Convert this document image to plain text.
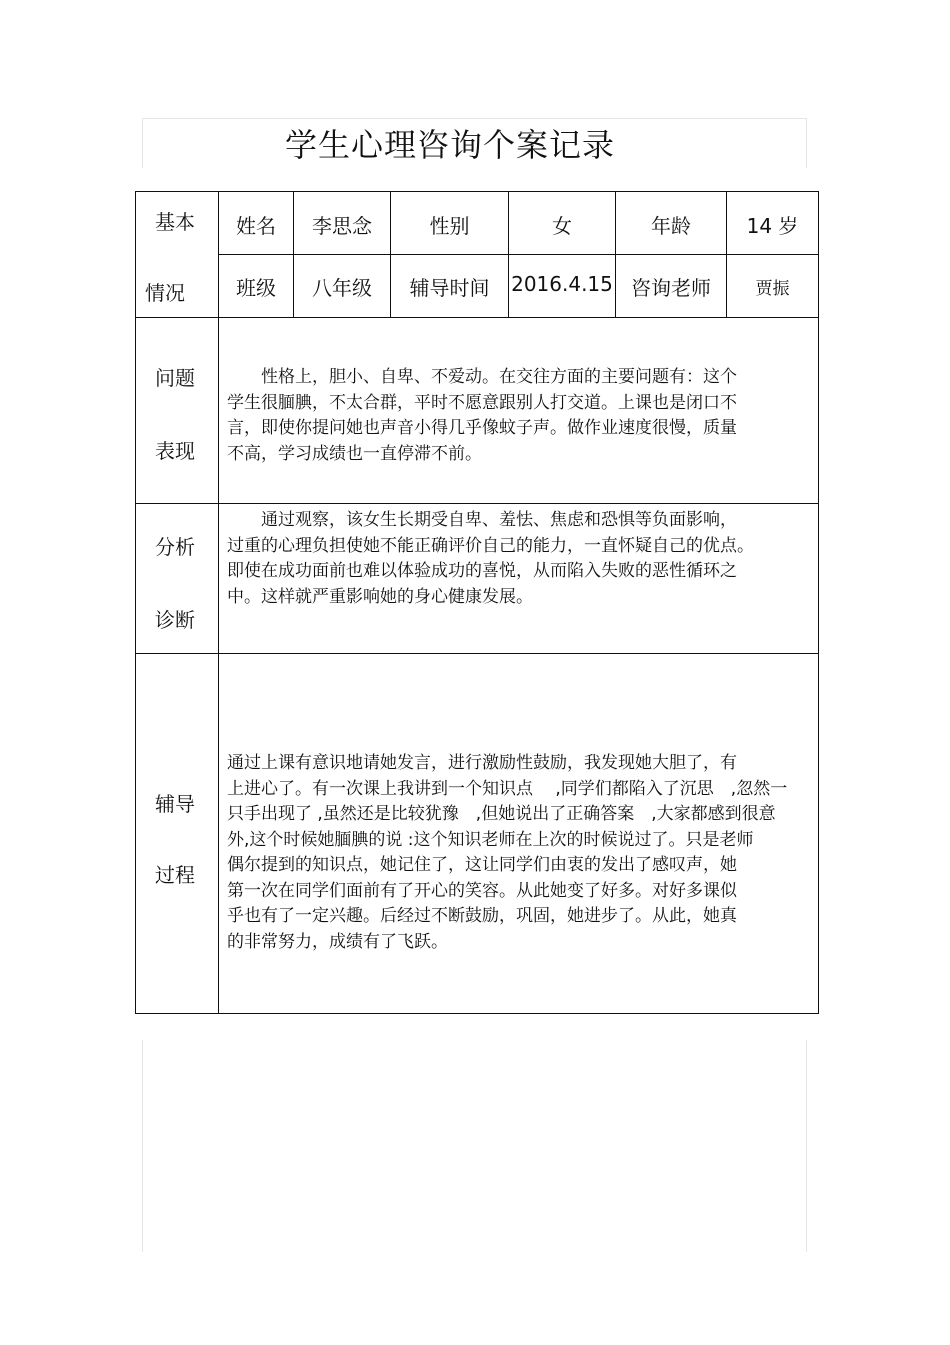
学生心理咨询个案记录
基本
情况
姓名	李思念	性别	女	年龄	14 岁
班级	八年级	辅导时间	2016.4.15 咨询老师	贾振
问题
表现
　　性格上，胆小、自卑、不爱动。在交往方面的主要问题有：这个
学生很腼腆，不太合群，平时不愿意跟别人打交道。上课也是闭口不
言，即使你提问她也声音小得几乎像蚊子声。做作业速度很慢，质量
不高，学习成绩也一直停滞不前。
分析
诊断
　　通过观察，该女生长期受自卑、羞怯、焦虑和恐惧等负面影响，
过重的心理负担使她不能正确评价自己的能力，一直怀疑自己的优点。
即使在成功面前也难以体验成功的喜悦，从而陷入失败的恶性循环之
中。这样就严重影响她的身心健康发展。
辅导
过程
通过上课有意识地请她发言，进行激励性鼓励，我发现她大胆了，有
上进心了。有一次课上我讲到一个知识点　 ,同学们都陷入了沉思　,忽然一
只手出现了 ,虽然还是比较犹豫　,但她说出了正确答案　,大家都感到很意
外,这个时候她腼腆的说 :这个知识老师在上次的时候说过了。只是老师
偶尔提到的知识点，她记住了，这让同学们由衷的发出了感叹声，她
第一次在同学们面前有了开心的笑容。从此她变了好多。对好多课似
乎也有了一定兴趣。后经过不断鼓励，巩固，她进步了。从此，她真
的非常努力，成绩有了飞跃。
